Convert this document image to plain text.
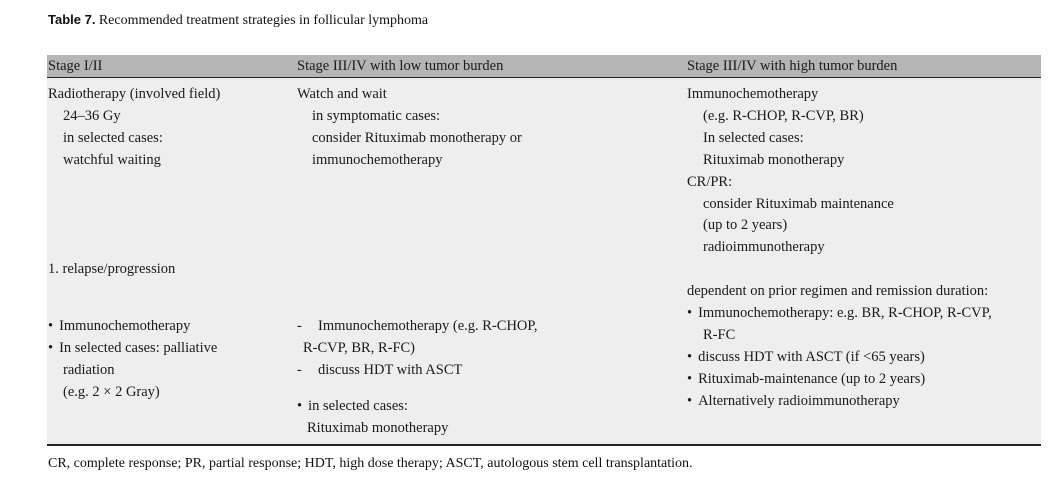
Table 7. Recommended treatment strategies in follicular lymphoma
Stage I/II	Stage III/IV with low tumor burden	Stage III/IV with high tumor burden
Radiotherapy (involved field)
24–36 Gy
in selected cases:
watchful waiting
1. relapse/progression
• Immunochemotherapy
• In selected cases: palliative
radiation
(e.g. 2 × 2 Gray)
Watch and wait
in symptomatic cases:
consider Rituximab monotherapy or
immunochemotherapy
- Immunochemotherapy (e.g. R-CHOP,
R-CVP, BR, R-FC)
- discuss HDT with ASCT
• in selected cases:
Rituximab monotherapy
Immunochemotherapy
(e.g. R-CHOP, R-CVP, BR)
In selected cases:
Rituximab monotherapy
CR/PR:
consider Rituximab maintenance
(up to 2 years)
radioimmunotherapy
dependent on prior regimen and remission duration:
• Immunochemotherapy: e.g. BR, R-CHOP, R-CVP,
R-FC
• discuss HDT with ASCT (if <65 years)
• Rituximab-maintenance (up to 2 years)
• Alternatively radioimmunotherapy
CR, complete response; PR, partial response; HDT, high dose therapy; ASCT, autologous stem cell transplantation.
